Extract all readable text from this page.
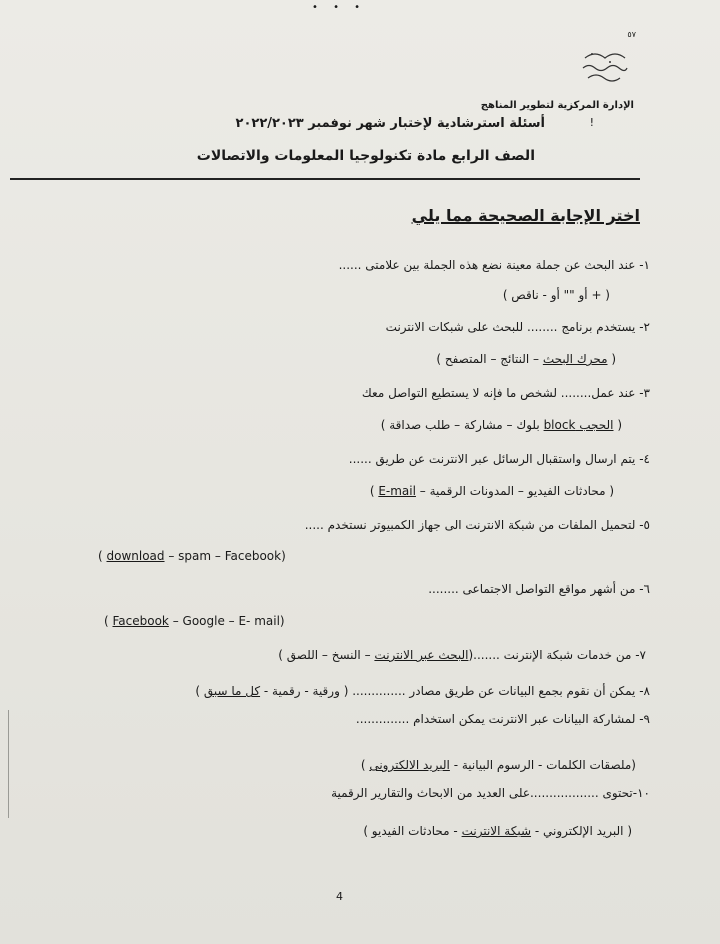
• • •
٥٧
الإدارة المركزية لتطوير المناهج
!
أسئلة استرشادية لإختبار شهر نوفمبر ٢٠٢٢/٢٠٢٣
الصف الرابع مادة تكنولوجيا المعلومات والاتصالات
اختر الإجابة الصحيحة مما يلي
١- عند البحث عن جملة معينة نضع هذه الجملة بين علامتى ......
( + أو "" أو - ناقص )
٢- يستخدم برنامج ........ للبحث على شبكات الانترنت
( محرك البحث – النتائج – المتصفح )
٣- عند عمل........ لشخص ما فإنه لا يستطيع التواصل معك
( الحجب block بلوك – مشاركة – طلب صداقة )
٤- يتم ارسال واستقبال الرسائل عبر الانترنت عن طريق ......
( E-mail – محادثات الفيديو – المدونات الرقمية )
٥- لتحميل الملفات من شبكة الانترنت الى جهاز الكمبيوتر نستخدم .....
( download – spam – Facebook)
٦- من أشهر مواقع التواصل الاجتماعى ........
( Facebook – Google – E- mail)
٧- من خدمات شبكة الإنترنت .......(البحث عبر الانترنت – النسخ – اللصق )
٨- يمكن أن نقوم بجمع البيانات عن طريق مصادر .............. ( ورقية - رقمية - كل ما سبق )
٩- لمشاركة البيانات عبر الانترنت يمكن استخدام ..............
(ملصقات الكلمات - الرسوم البيانية - البريد الالكترونى )
١٠-تحتوى ..................على العديد من الابحاث والتقارير الرقمية
( البريد الإلكتروني - شبكة الانترنت - محادثات الفيديو )
4
